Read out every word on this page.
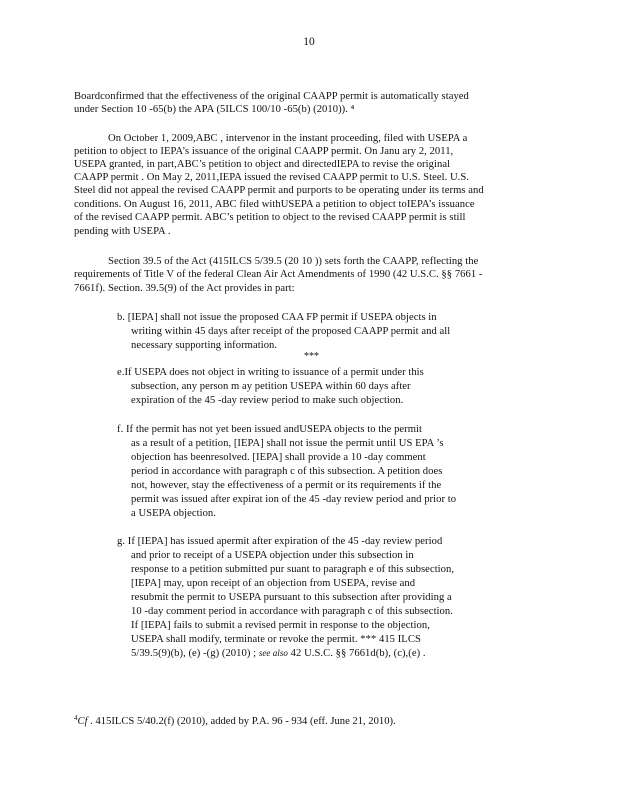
10
Boardconfirmed that the effectiveness of the original CAAPP permit is automatically stayed
under Section 10 -65(b) the APA (5ILCS 100/10 -65(b) (2010)). ⁴
On October 1, 2009,ABC , intervenor in the instant proceeding, filed with USEPA a
petition to object to IEPA’s issuance of the original CAAPP permit. On Janu ary 2, 2011,
USEPA granted, in part,ABC’s petition to object and directedIEPA to revise the original
CAAPP permit . On May 2, 2011,IEPA issued the revised CAAPP permit to U.S. Steel. U.S.
Steel did not appeal the revised CAAPP permit and purports to be operating under its terms and
conditions. On August 16, 2011, ABC filed withUSEPA a petition to object toIEPA’s issuance
of the revised CAAPP permit. ABC’s petition to object to the revised CAAPP permit is still
pending with USEPA .
Section 39.5 of the Act (415ILCS 5/39.5 (20 10 )) sets forth the CAAPP, reflecting the
requirements of Title V of the federal Clean Air Act Amendments of 1990 (42 U.S.C. §§ 7661 -
7661f). Section. 39.5(9) of the Act provides in part:
b. [IEPA] shall not issue the proposed CAA FP permit if USEPA objects in
writing within 45 days after receipt of the proposed CAAPP permit and all
necessary supporting information.
***
e.If USEPA does not object in writing to issuance of a permit under this
subsection, any person m ay petition USEPA within 60 days after
expiration of the 45 -day review period to make such objection.
f. If the permit has not yet been issued andUSEPA objects to the permit
as a result of a petition, [IEPA] shall not issue the permit until US EPA ’s
objection has beenresolved. [IEPA] shall provide a 10 -day comment
period in accordance with paragraph c of this subsection. A petition does
not, however, stay the effectiveness of a permit or its requirements if the
permit was issued after expirat ion of the 45 -day review period and prior to
a USEPA objection.
g. If [IEPA] has issued apermit after expiration of the 45 -day review period
and prior to receipt of a USEPA objection under this subsection in
response to a petition submitted pur suant to paragraph e of this subsection,
[IEPA] may, upon receipt of an objection from USEPA, revise and
resubmit the permit to USEPA pursuant to this subsection after providing a
10 -day comment period in accordance with paragraph c of this subsection.
If [IEPA] fails to submit a revised permit in response to the objection,
USEPA shall modify, terminate or revoke the permit. *** 415 ILCS
5/39.5(9)(b), (e) -(g) (2010) ; see also 42 U.S.C. §§ 7661d(b), (c),(e) .
$^4$Cf . 415ILCS 5/40.2(f) (2010), added by P.A. 96 - 934 (eff. June 21, 2010).
